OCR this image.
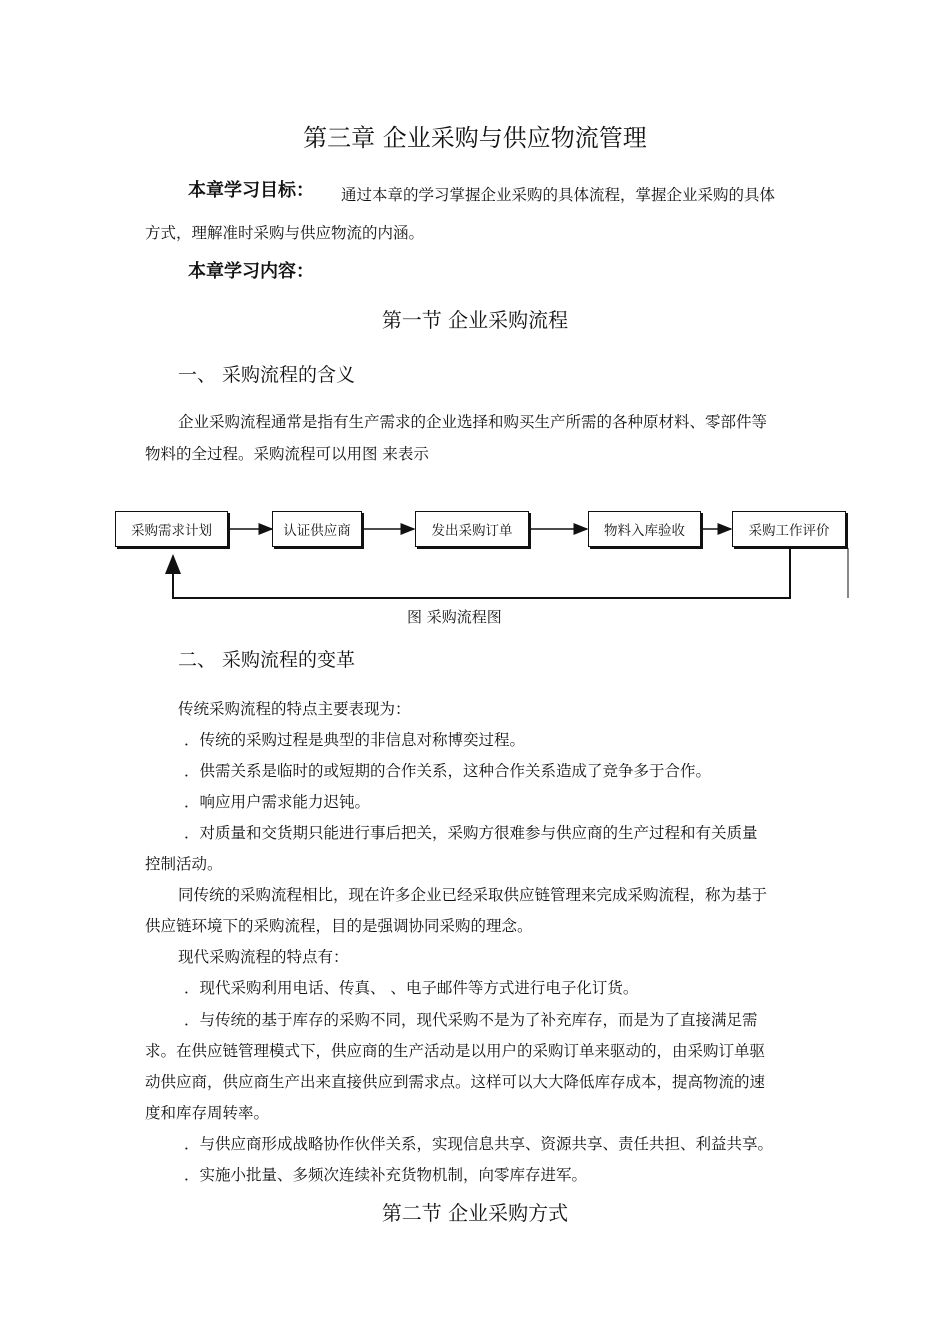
第三章 企业采购与供应物流管理
本章学习目标： 通过本章的学习掌握企业采购的具体流程，掌握企业采购的具体
方式，理解准时采购与供应物流的内涵。
本章学习内容：
第一节 企业采购流程
一、 采购流程的含义
企业采购流程通常是指有生产需求的企业选择和购买生产所需的各种原材料、零部件等
物料的全过程。采购流程可以用图 来表示
采购需求计划	认证供应商	发出采购订单	物料入库验收	采购工作评价
图 采购流程图
二、 采购流程的变革
传统采购流程的特点主要表现为：
．传统的采购过程是典型的非信息对称博奕过程。
．供需关系是临时的或短期的合作关系，这种合作关系造成了竞争多于合作。
．响应用户需求能力迟钝。
．对质量和交货期只能进行事后把关，采购方很难参与供应商的生产过程和有关质量
控制活动。
同传统的采购流程相比，现在许多企业已经采取供应链管理来完成采购流程，称为基于
供应链环境下的采购流程，目的是强调协同采购的理念。
现代采购流程的特点有：
．现代采购利用电话、传真、 、电子邮件等方式进行电子化订货。
．与传统的基于库存的采购不同，现代采购不是为了补充库存，而是为了直接满足需
求。在供应链管理模式下，供应商的生产活动是以用户的采购订单来驱动的，由采购订单驱
动供应商，供应商生产出来直接供应到需求点。这样可以大大降低库存成本，提高物流的速
度和库存周转率。
．与供应商形成战略协作伙伴关系，实现信息共享、资源共享、责任共担、利益共享。
．实施小批量、多频次连续补充货物机制，向零库存进军。
第二节 企业采购方式
